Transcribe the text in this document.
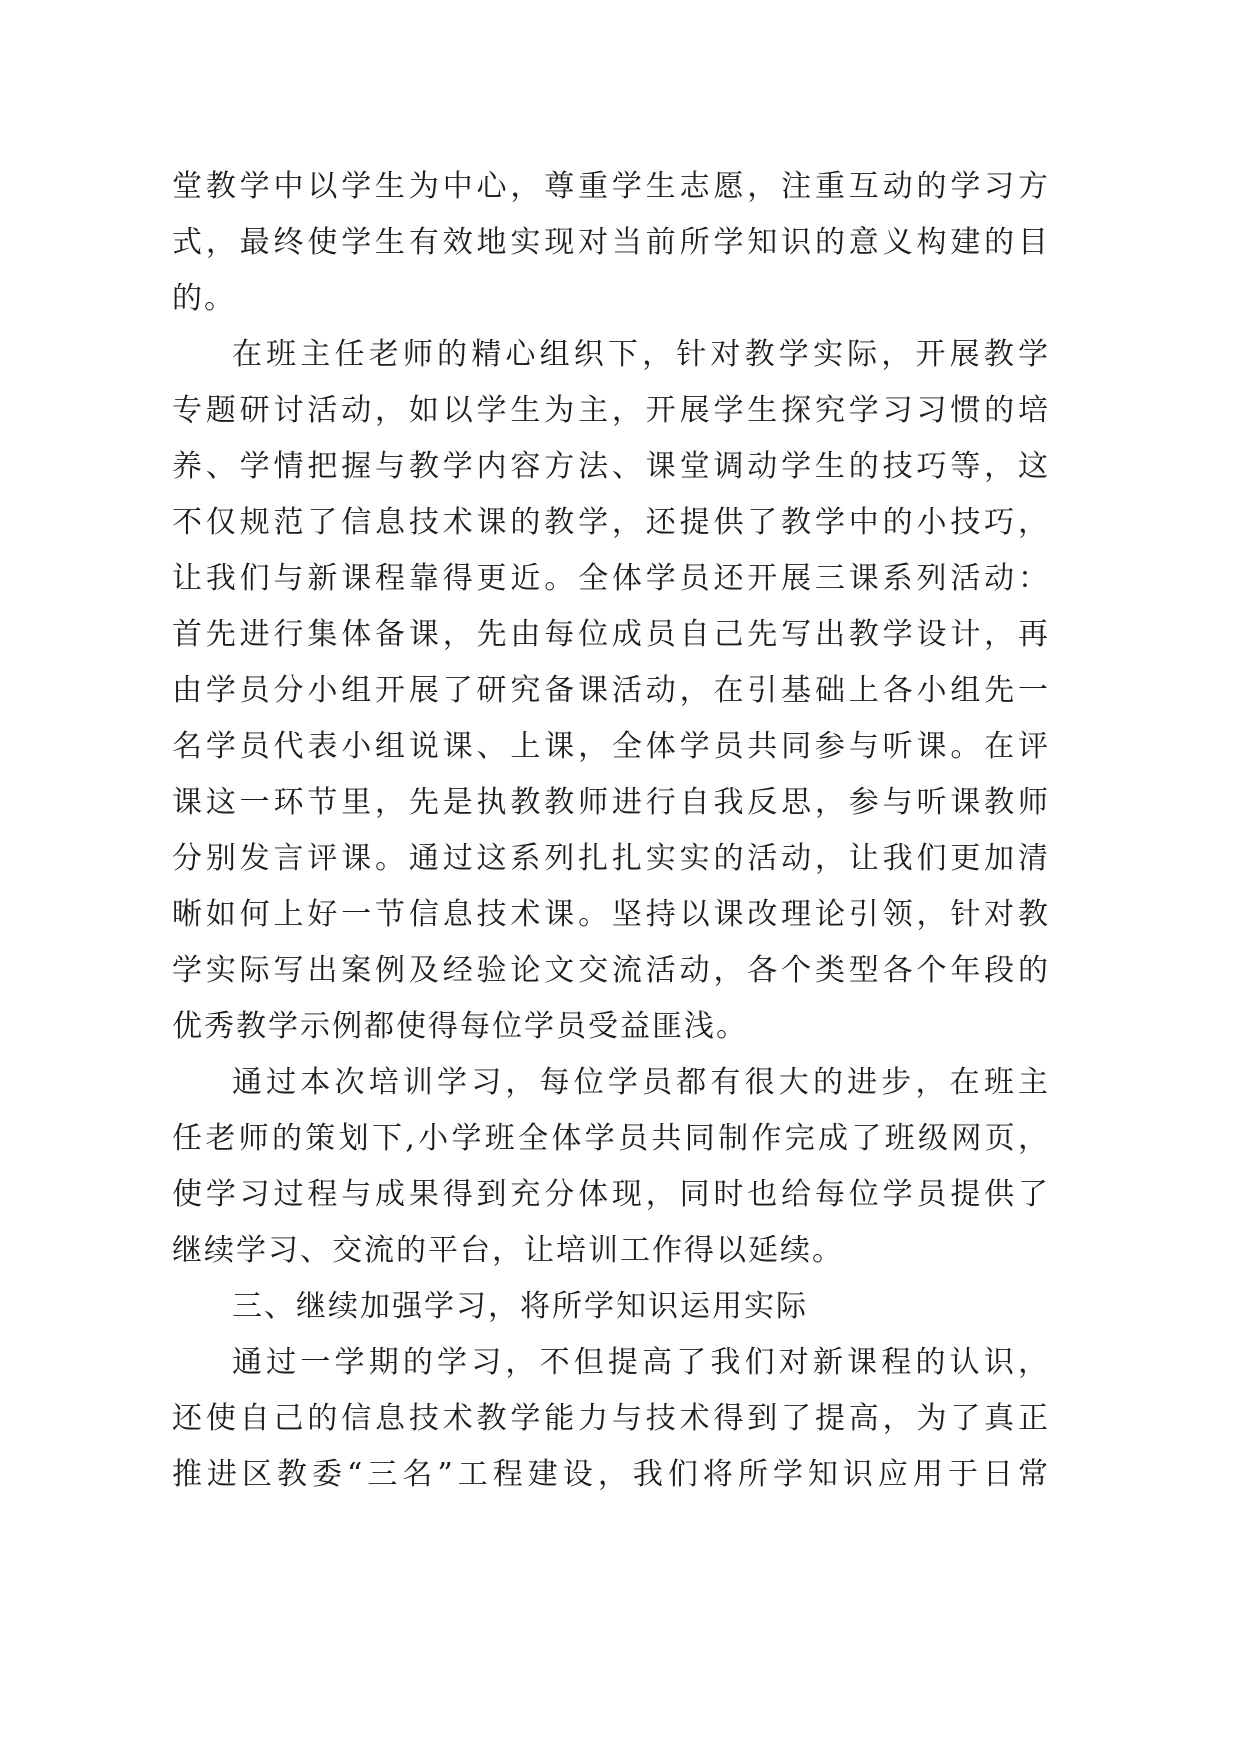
堂教学中以学生为中心，尊重学生志愿，注重互动的学习方
式，最终使学生有效地实现对当前所学知识的意义构建的目
的。
在班主任老师的精心组织下，针对教学实际，开展教学
专题研讨活动，如以学生为主，开展学生探究学习习惯的培
养、学情把握与教学内容方法、课堂调动学生的技巧等，这
不仅规范了信息技术课的教学，还提供了教学中的小技巧，
让我们与新课程靠得更近。全体学员还开展三课系列活动：
首先进行集体备课，先由每位成员自己先写出教学设计，再
由学员分小组开展了研究备课活动，在引基础上各小组先一
名学员代表小组说课、上课，全体学员共同参与听课。在评
课这一环节里，先是执教教师进行自我反思，参与听课教师
分别发言评课。通过这系列扎扎实实的活动，让我们更加清
晰如何上好一节信息技术课。坚持以课改理论引领，针对教
学实际写出案例及经验论文交流活动，各个类型各个年段的
优秀教学示例都使得每位学员受益匪浅。
通过本次培训学习，每位学员都有很大的进步，在班主
任老师的策划下,小学班全体学员共同制作完成了班级网页，
使学习过程与成果得到充分体现，同时也给每位学员提供了
继续学习、交流的平台，让培训工作得以延续。
三、继续加强学习，将所学知识运用实际
通过一学期的学习，不但提高了我们对新课程的认识，
还使自己的信息技术教学能力与技术得到了提高，为了真正
推进区教委“三名”工程建设，我们将所学知识应用于日常
